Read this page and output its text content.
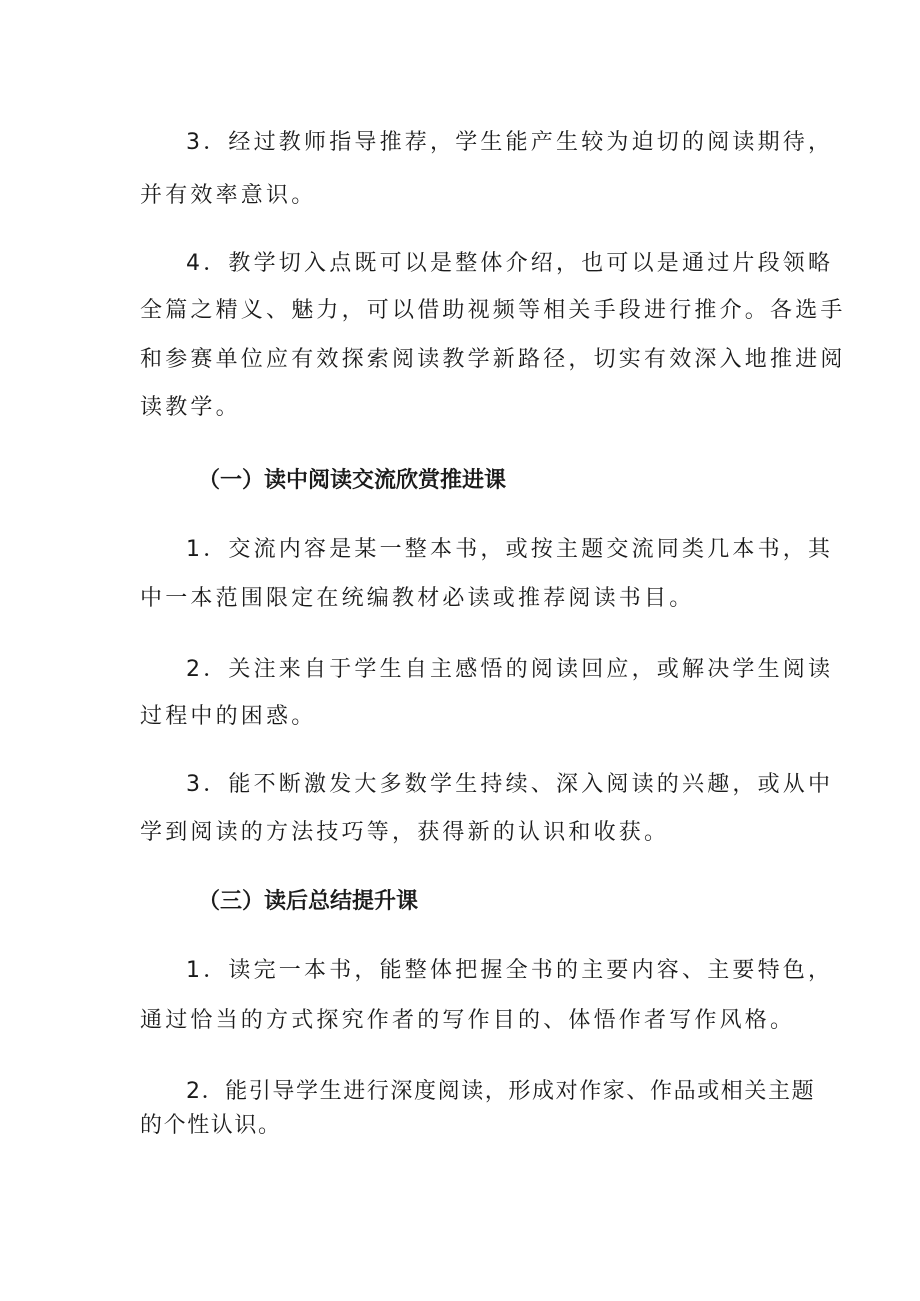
3．经过教师指导推荐，学生能产生较为迫切的阅读期待，
并有效率意识。
4．教学切入点既可以是整体介绍，也可以是通过片段领略
全篇之精义、魅力，可以借助视频等相关手段进行推介。各选手
和参赛单位应有效探索阅读教学新路径，切实有效深入地推进阅
读教学。
（一）读中阅读交流欣赏推进课
1．交流内容是某一整本书，或按主题交流同类几本书，其
中一本范围限定在统编教材必读或推荐阅读书目。
2．关注来自于学生自主感悟的阅读回应，或解决学生阅读
过程中的困惑。
3．能不断激发大多数学生持续、深入阅读的兴趣，或从中
学到阅读的方法技巧等，获得新的认识和收获。
（三）读后总结提升课
1．读完一本书，能整体把握全书的主要内容、主要特色，
通过恰当的方式探究作者的写作目的、体悟作者写作风格。
2．能引导学生进行深度阅读，形成对作家、作品或相关主题
的个性认识。
